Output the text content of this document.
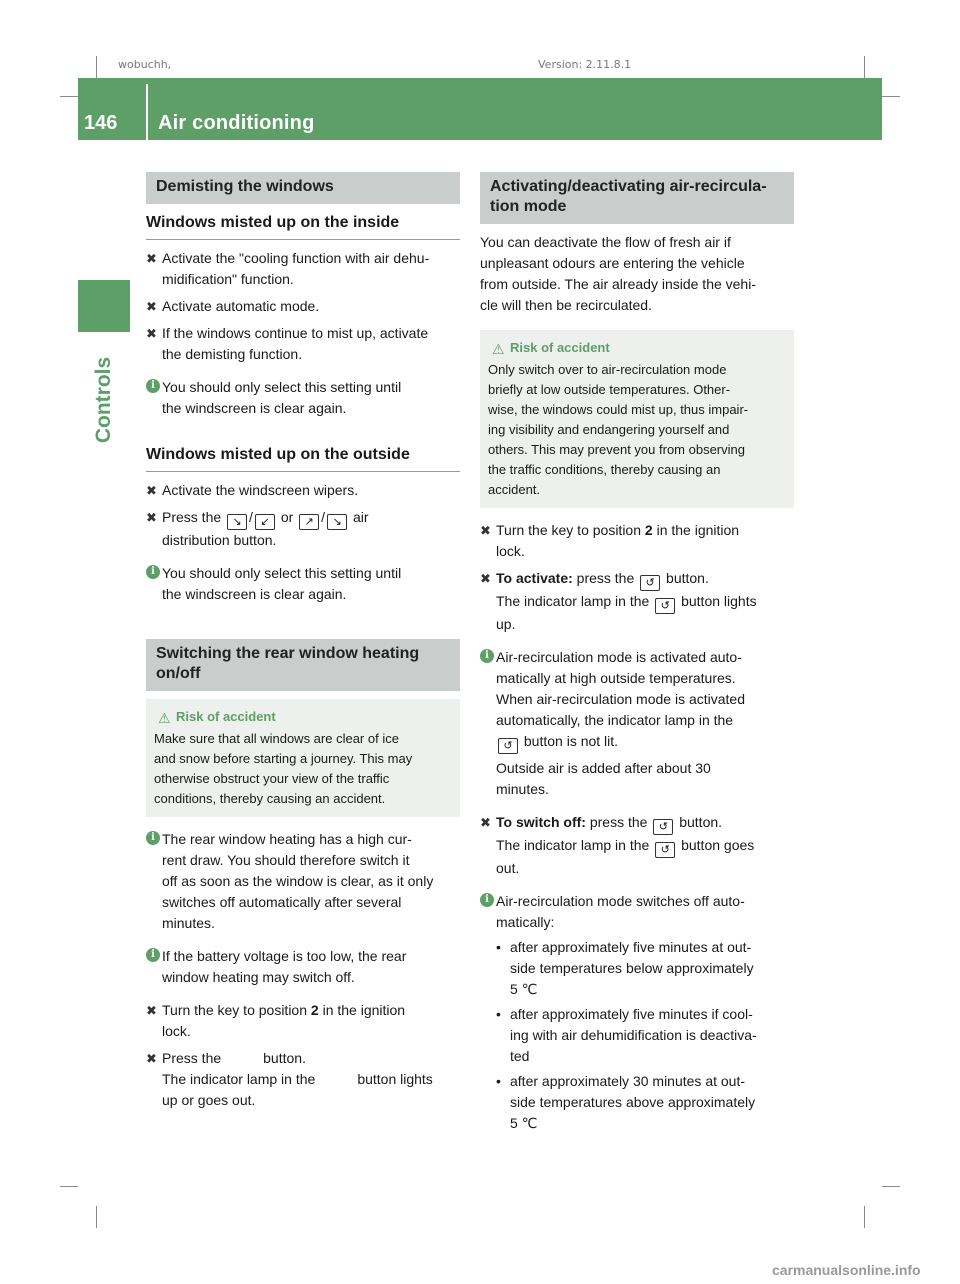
wobuchh,	Version: 2.11.8.1
146	Air conditioning
Controls
Demisting the windows
Windows misted up on the inside
✖ Activate the "cooling function with air dehu-
midification" function.
✖ Activate automatic mode.
✖ If the windows continue to mist up, activate
the demisting function.
i You should only select this setting until
the windscreen is clear again.
Windows misted up on the outside
✖ Activate the windscreen wipers.
✖ Press the ↘ / ↙ or ↗ / ↘ air
distribution button.
i You should only select this setting until
the windscreen is clear again.
Switching the rear window heating
on/off
⚠ Risk of accident
Make sure that all windows are clear of ice
and snow before starting a journey. This may
otherwise obstruct your view of the traffic
conditions, thereby causing an accident.
i The rear window heating has a high cur-
rent draw. You should therefore switch it
off as soon as the window is clear, as it only
switches off automatically after several
minutes.
i If the battery voltage is too low, the rear
window heating may switch off.
✖ Turn the key to position 2 in the ignition
lock.
✖ Press the	button.
The indicator lamp in the	button lights
up or goes out.
Activating/deactivating air-recircula-
tion mode
You can deactivate the flow of fresh air if
unpleasant odours are entering the vehicle
from outside. The air already inside the vehi-
cle will then be recirculated.
⚠ Risk of accident
Only switch over to air-recirculation mode
briefly at low outside temperatures. Other-
wise, the windows could mist up, thus impair-
ing visibility and endangering yourself and
others. This may prevent you from observing
the traffic conditions, thereby causing an
accident.
✖ Turn the key to position 2 in the ignition
lock.
✖ To activate: press the ↺ button.
The indicator lamp in the ↺ button lights
up.
i Air-recirculation mode is activated auto-
matically at high outside temperatures.
When air-recirculation mode is activated
automatically, the indicator lamp in the
↺ button is not lit.
Outside air is added after about 30
minutes.
✖ To switch off: press the ↺ button.
The indicator lamp in the ↺ button goes
out.
i Air-recirculation mode switches off auto-
matically:
• after approximately five minutes at out-
side temperatures below approximately
5 ℃
• after approximately five minutes if cool-
ing with air dehumidification is deactiva-
ted
• after approximately 30 minutes at out-
side temperatures above approximately
5 ℃
carmanualsonline.info
